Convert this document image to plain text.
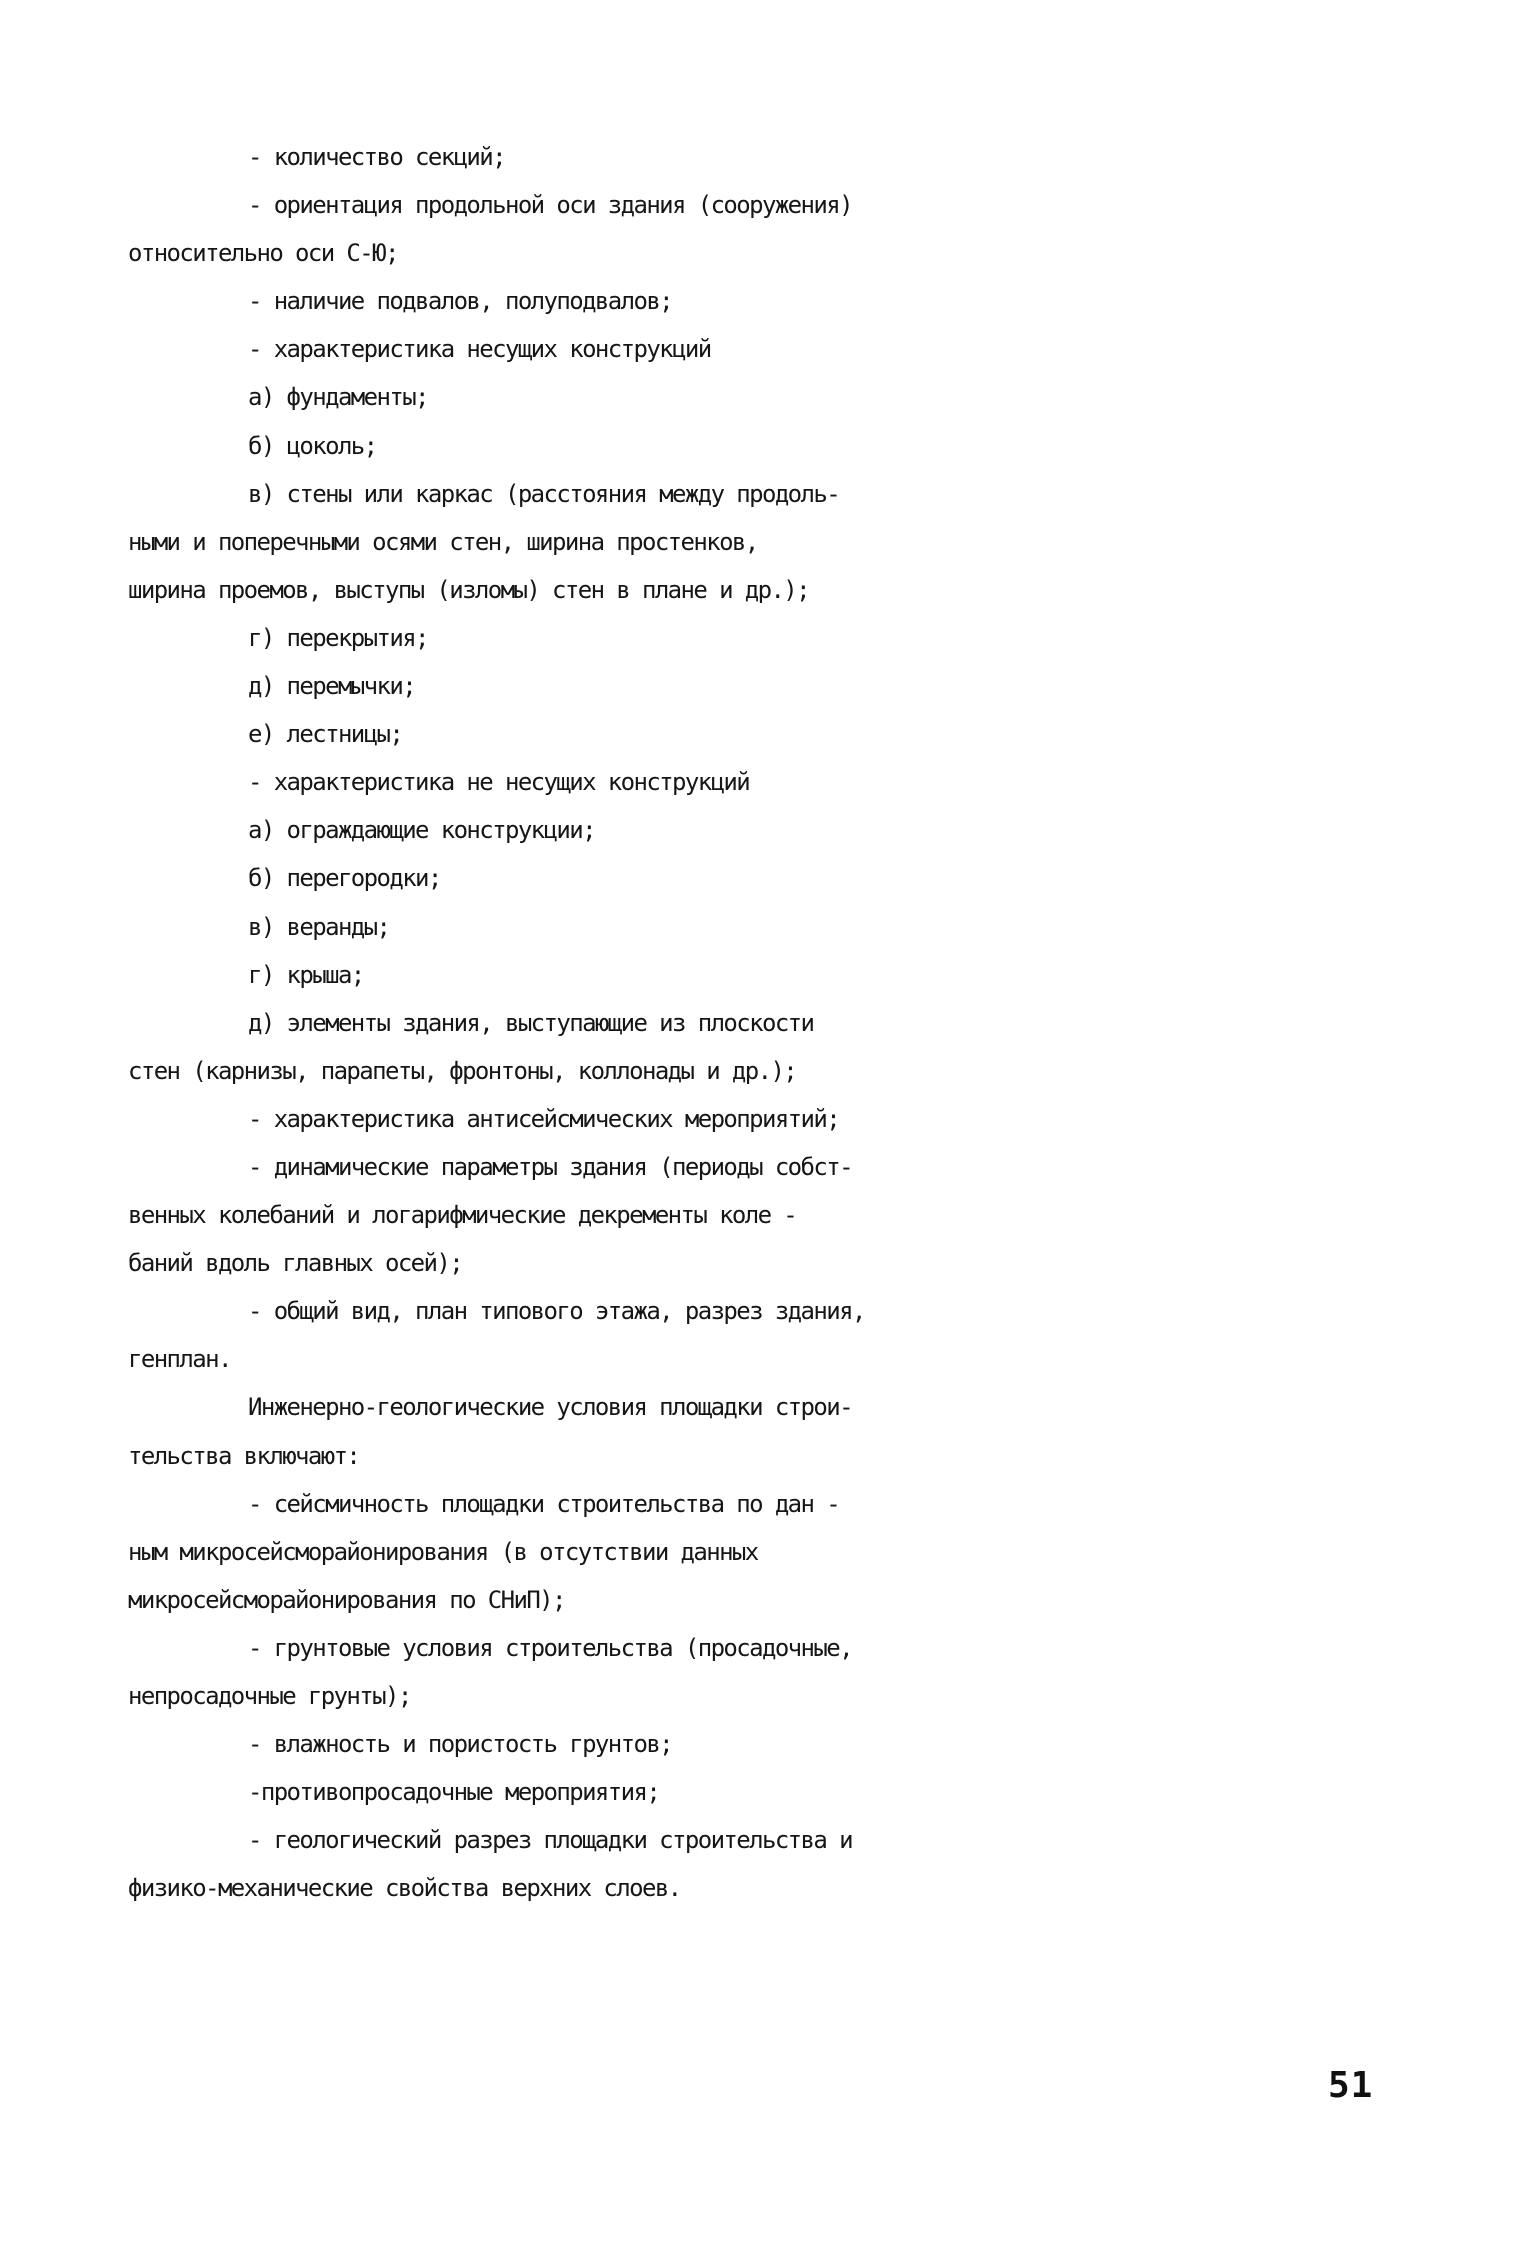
- количество секций;
- ориентация продольной оси здания (сооружения)
относительно оси С-Ю;
- наличие подвалов, полуподвалов;
- характеристика несущих конструкций
а) фундаменты;
б) цоколь;
в) стены или каркас (расстояния между продоль-
ными и поперечными осями стен, ширина простенков,
ширина проемов, выступы (изломы) стен в плане и др.);
г) перекрытия;
д) перемычки;
е) лестницы;
- характеристика не несущих конструкций
а) ограждающие конструкции;
б) перегородки;
в) веранды;
г) крыша;
д) элементы здания, выступающие из плоскости
стен (карнизы, парапеты, фронтоны, коллонады и др.);
- характеристика антисейсмических мероприятий;
- динамические параметры здания (периоды собст-
венных колебаний и логарифмические декременты коле -
баний вдоль главных осей);
- общий вид, план типового этажа, разрез здания,
генплан.
Инженерно-геологические условия площадки строи-
тельства включают:
- сейсмичность площадки строительства по дан -
ным микросейсморайонирования (в отсутствии данных
микросейсморайонирования по СНиП);
- грунтовые условия строительства (просадочные,
непросадочные грунты);
- влажность и пористость грунтов;
-противопросадочные мероприятия;
- геологический разрез площадки строительства и
физико-механические свойства верхних слоев.
51
